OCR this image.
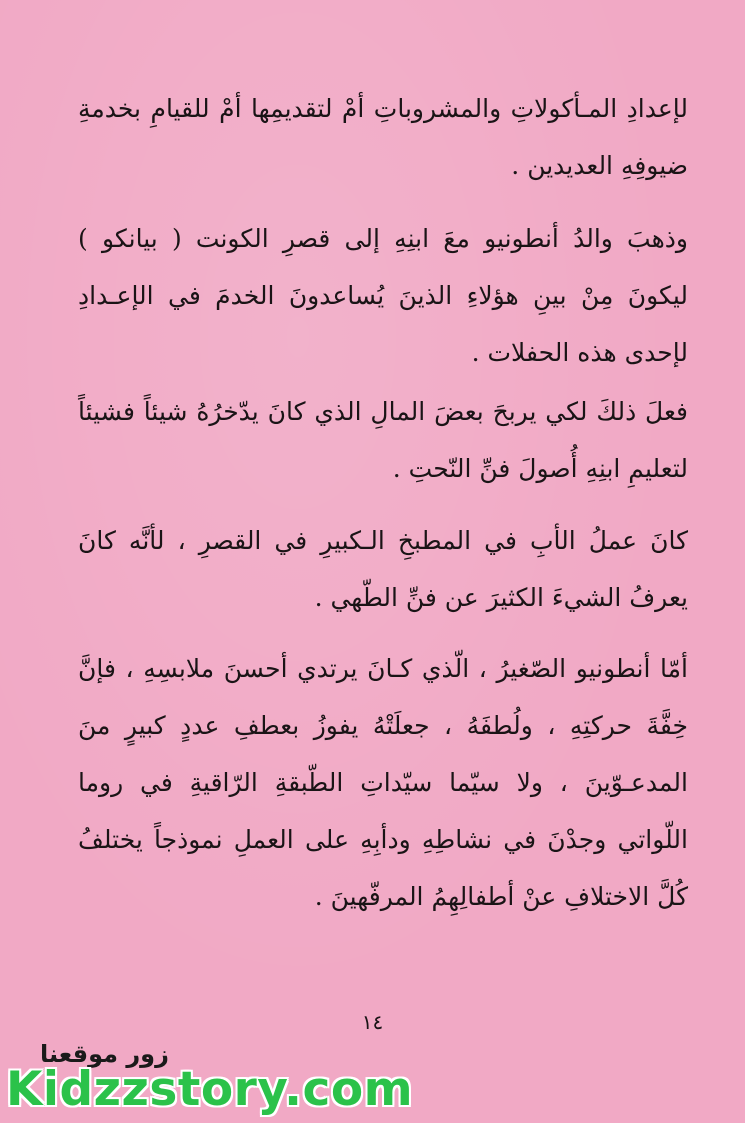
لإعدادِ المـأكولاتِ والمشروباتِ أمْ لتقديمِها أمْ للقيامِ بخدمةِ ضيوفِهِ العديدين .
وذهبَ والدُ أنطونيو معَ ابنِهِ إلى قصرِ الكونت ( بيانكو ) ليكونَ مِنْ بينِ هؤلاءِ الذينَ يُساعدونَ الخدمَ في الإعـدادِ لإحدى هذه الحفلات .
فعلَ ذلكَ لكي يربحَ بعضَ المالِ الذي كانَ يدّخرُهُ شيئاً فشيئاً لتعليمِ ابنِهِ أُصولَ فنِّ النّحتِ .
كانَ عملُ الأبِ في المطبخِ الـكبيرِ في القصرِ ، لأنَّه كانَ يعرفُ الشيءَ الكثيرَ عن فنِّ الطّهي .
أمّا أنطونيو الصّغيرُ ، الّذي كـانَ يرتدي أحسنَ ملابسِهِ ، فإنَّ خِفَّةَ حركتِهِ ، ولُطفَهُ ، جعلَتْهُ يفوزُ بعطفِ عددٍ كبيرٍ منَ المدعـوّينَ ، ولا سيّما سيّداتِ الطّبقةِ الرّاقيةِ في روما اللّواتي وجدْنَ في نشاطِهِ ودأبِهِ على العملِ نموذجاً يختلفُ كُلَّ الاختلافِ عنْ أطفالِهِمُ المرفّهينَ .
١٤
زور موقعنا
Kidzzstory.com
